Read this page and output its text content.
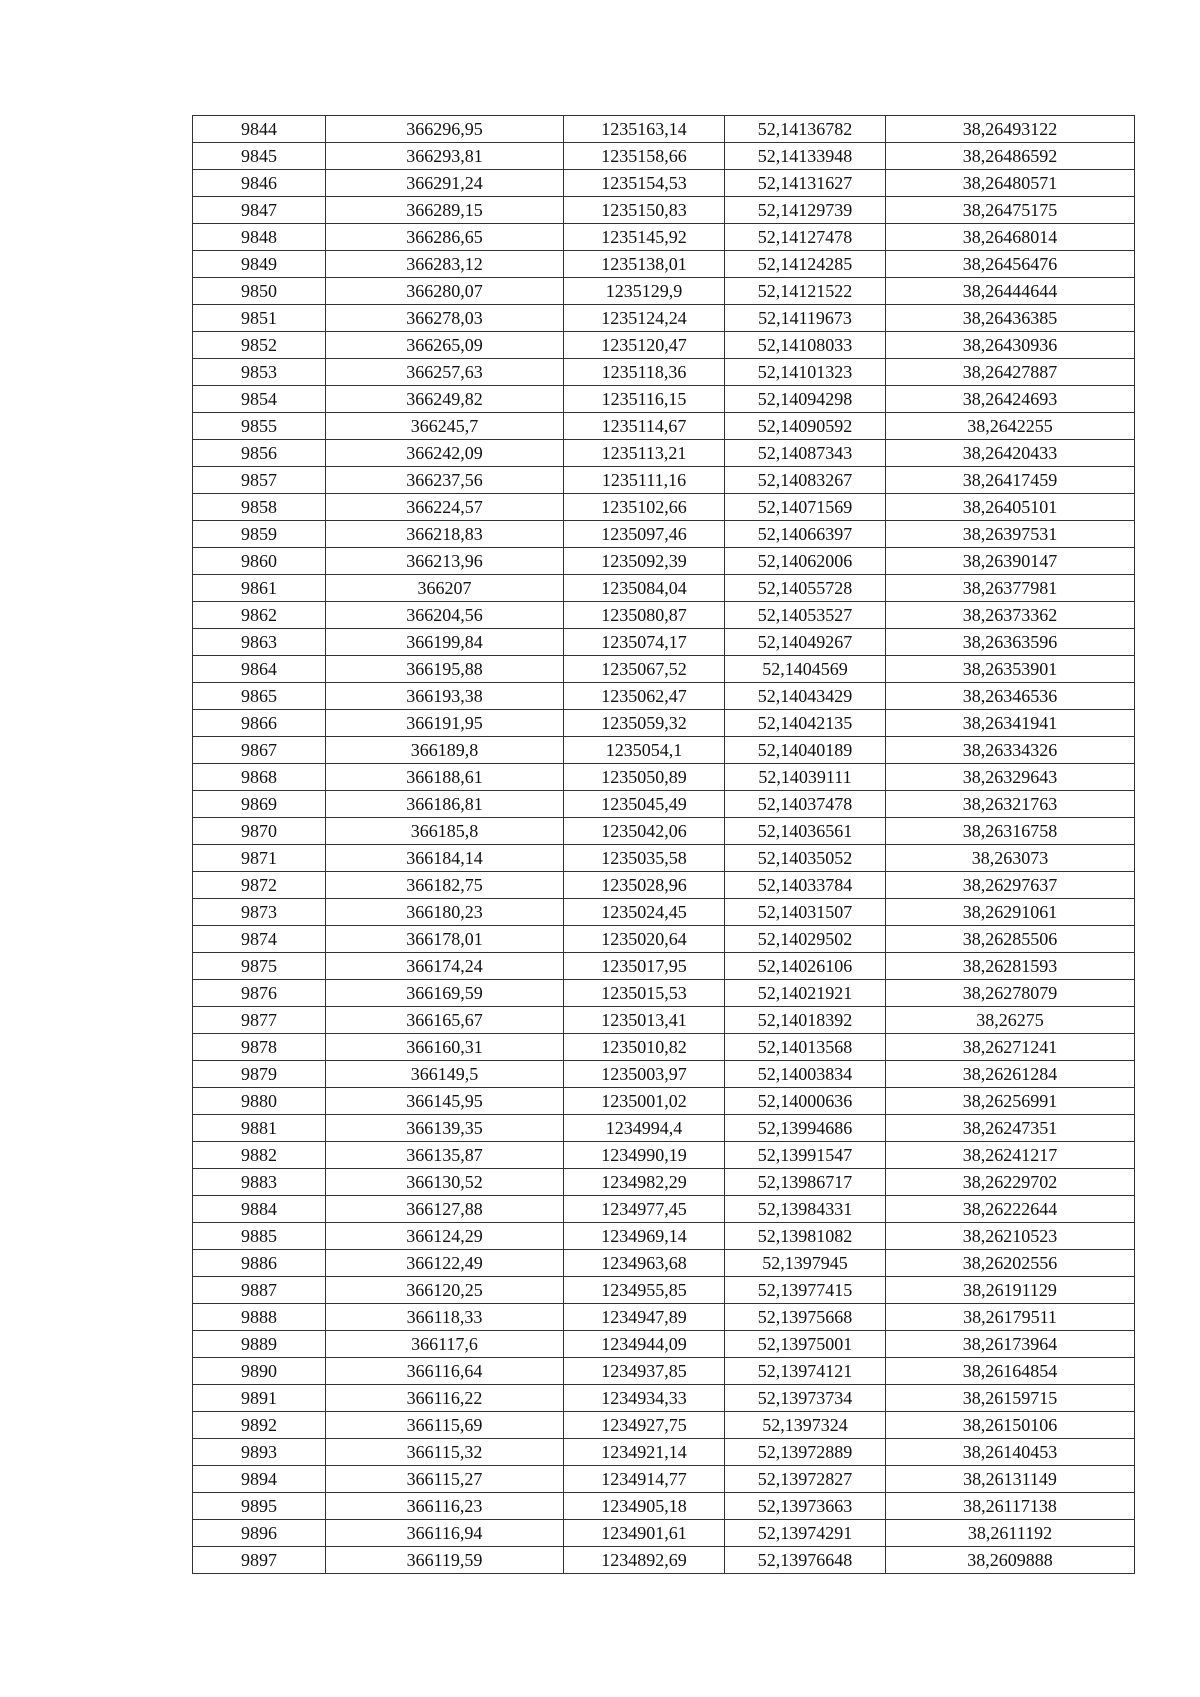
9844	366296,95	1235163,14	52,14136782	38,26493122
9845	366293,81	1235158,66	52,14133948	38,26486592
9846	366291,24	1235154,53	52,14131627	38,26480571
9847	366289,15	1235150,83	52,14129739	38,26475175
9848	366286,65	1235145,92	52,14127478	38,26468014
9849	366283,12	1235138,01	52,14124285	38,26456476
9850	366280,07	1235129,9	52,14121522	38,26444644
9851	366278,03	1235124,24	52,14119673	38,26436385
9852	366265,09	1235120,47	52,14108033	38,26430936
9853	366257,63	1235118,36	52,14101323	38,26427887
9854	366249,82	1235116,15	52,14094298	38,26424693
9855	366245,7	1235114,67	52,14090592	38,2642255
9856	366242,09	1235113,21	52,14087343	38,26420433
9857	366237,56	1235111,16	52,14083267	38,26417459
9858	366224,57	1235102,66	52,14071569	38,26405101
9859	366218,83	1235097,46	52,14066397	38,26397531
9860	366213,96	1235092,39	52,14062006	38,26390147
9861	366207	1235084,04	52,14055728	38,26377981
9862	366204,56	1235080,87	52,14053527	38,26373362
9863	366199,84	1235074,17	52,14049267	38,26363596
9864	366195,88	1235067,52	52,1404569	38,26353901
9865	366193,38	1235062,47	52,14043429	38,26346536
9866	366191,95	1235059,32	52,14042135	38,26341941
9867	366189,8	1235054,1	52,14040189	38,26334326
9868	366188,61	1235050,89	52,14039111	38,26329643
9869	366186,81	1235045,49	52,14037478	38,26321763
9870	366185,8	1235042,06	52,14036561	38,26316758
9871	366184,14	1235035,58	52,14035052	38,263073
9872	366182,75	1235028,96	52,14033784	38,26297637
9873	366180,23	1235024,45	52,14031507	38,26291061
9874	366178,01	1235020,64	52,14029502	38,26285506
9875	366174,24	1235017,95	52,14026106	38,26281593
9876	366169,59	1235015,53	52,14021921	38,26278079
9877	366165,67	1235013,41	52,14018392	38,26275
9878	366160,31	1235010,82	52,14013568	38,26271241
9879	366149,5	1235003,97	52,14003834	38,26261284
9880	366145,95	1235001,02	52,14000636	38,26256991
9881	366139,35	1234994,4	52,13994686	38,26247351
9882	366135,87	1234990,19	52,13991547	38,26241217
9883	366130,52	1234982,29	52,13986717	38,26229702
9884	366127,88	1234977,45	52,13984331	38,26222644
9885	366124,29	1234969,14	52,13981082	38,26210523
9886	366122,49	1234963,68	52,1397945	38,26202556
9887	366120,25	1234955,85	52,13977415	38,26191129
9888	366118,33	1234947,89	52,13975668	38,26179511
9889	366117,6	1234944,09	52,13975001	38,26173964
9890	366116,64	1234937,85	52,13974121	38,26164854
9891	366116,22	1234934,33	52,13973734	38,26159715
9892	366115,69	1234927,75	52,1397324	38,26150106
9893	366115,32	1234921,14	52,13972889	38,26140453
9894	366115,27	1234914,77	52,13972827	38,26131149
9895	366116,23	1234905,18	52,13973663	38,26117138
9896	366116,94	1234901,61	52,13974291	38,2611192
9897	366119,59	1234892,69	52,13976648	38,2609888
